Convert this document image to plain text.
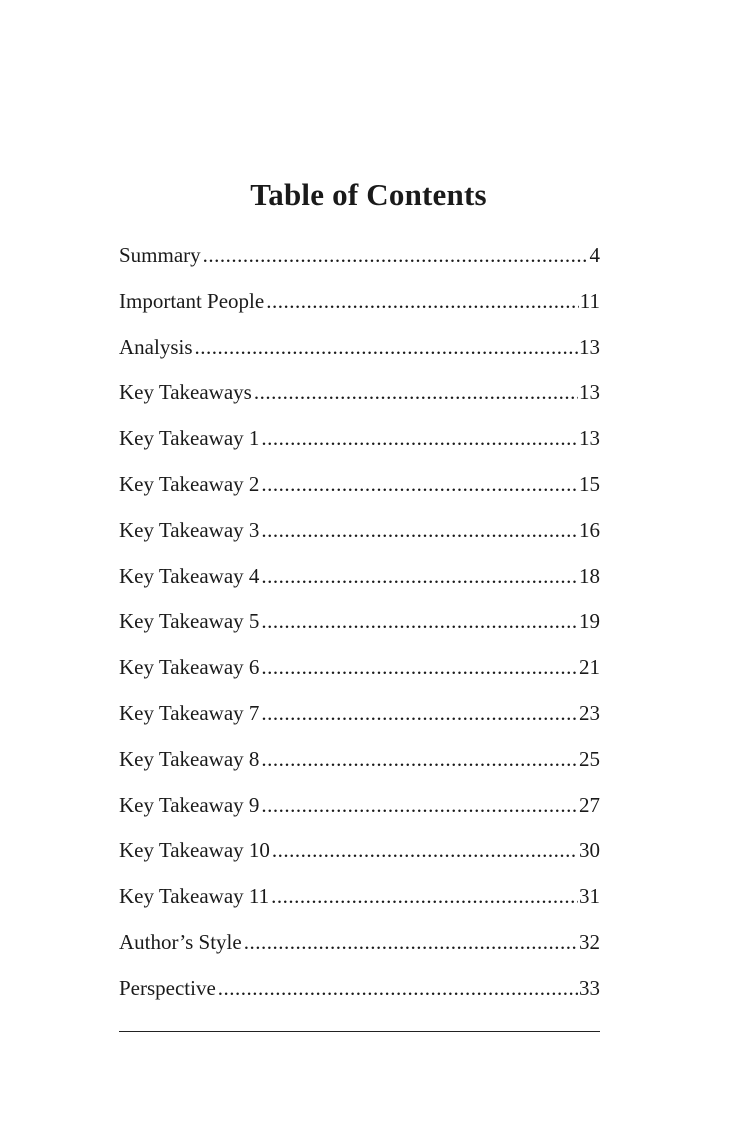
Table of Contents
Summary .....	4
Important People .....	11
Analysis .....	13
Key Takeaways .....	13
Key Takeaway 1 .....	13
Key Takeaway 2 .....	15
Key Takeaway 3 .....	16
Key Takeaway 4 .....	18
Key Takeaway 5 .....	19
Key Takeaway 6 .....	21
Key Takeaway 7 .....	23
Key Takeaway 8 .....	25
Key Takeaway 9 .....	27
Key Takeaway 10 .....	30
Key Takeaway 11 .....	31
Author’s Style .....	32
Perspective .....	33
